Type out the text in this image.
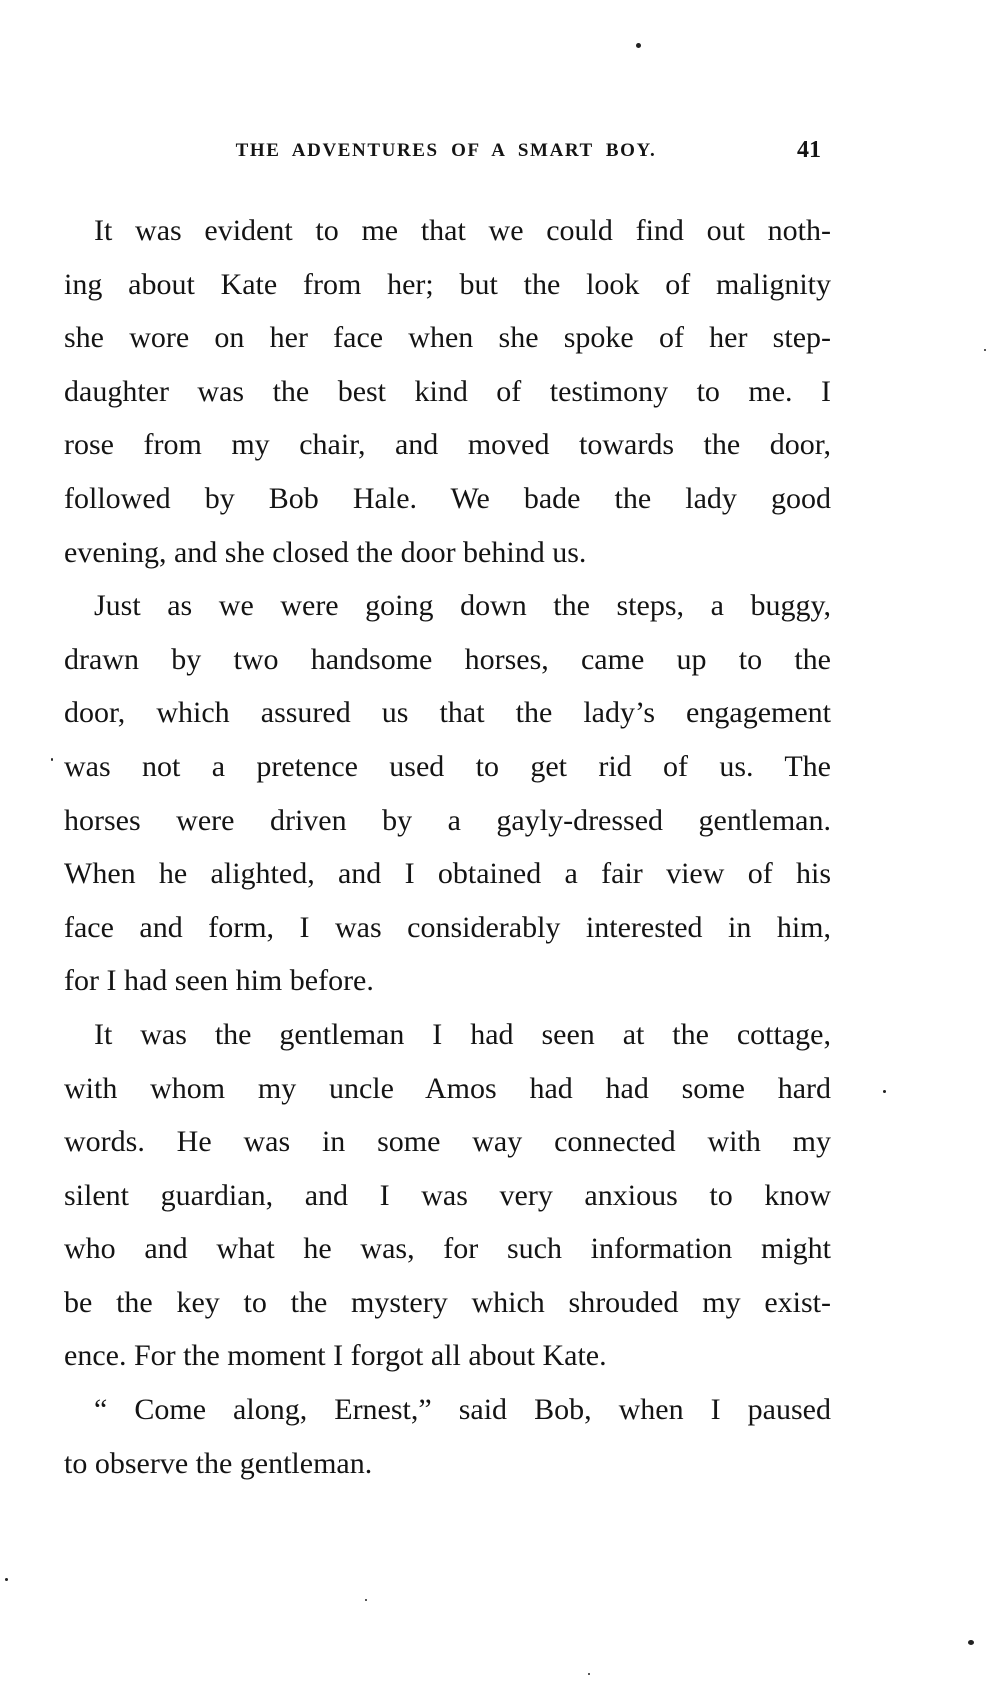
THE ADVENTURES OF A SMART BOY.	41
It was evident to me that we could find out noth-
ing about Kate from her; but the look of malignity
she wore on her face when she spoke of her step-
daughter was the best kind of testimony to me. I
rose from my chair, and moved towards the door,
followed by Bob Hale. We bade the lady good
evening, and she closed the door behind us.
Just as we were going down the steps, a buggy,
drawn by two handsome horses, came up to the
door, which assured us that the lady’s engagement
was not a pretence used to get rid of us. The
horses were driven by a gayly-dressed gentleman.
When he alighted, and I obtained a fair view of his
face and form, I was considerably interested in him,
for I had seen him before.
It was the gentleman I had seen at the cottage,
with whom my uncle Amos had had some hard
words. He was in some way connected with my
silent guardian, and I was very anxious to know
who and what he was, for such information might
be the key to the mystery which shrouded my exist-
ence. For the moment I forgot all about Kate.
“ Come along, Ernest,” said Bob, when I paused
to observe the gentleman.
